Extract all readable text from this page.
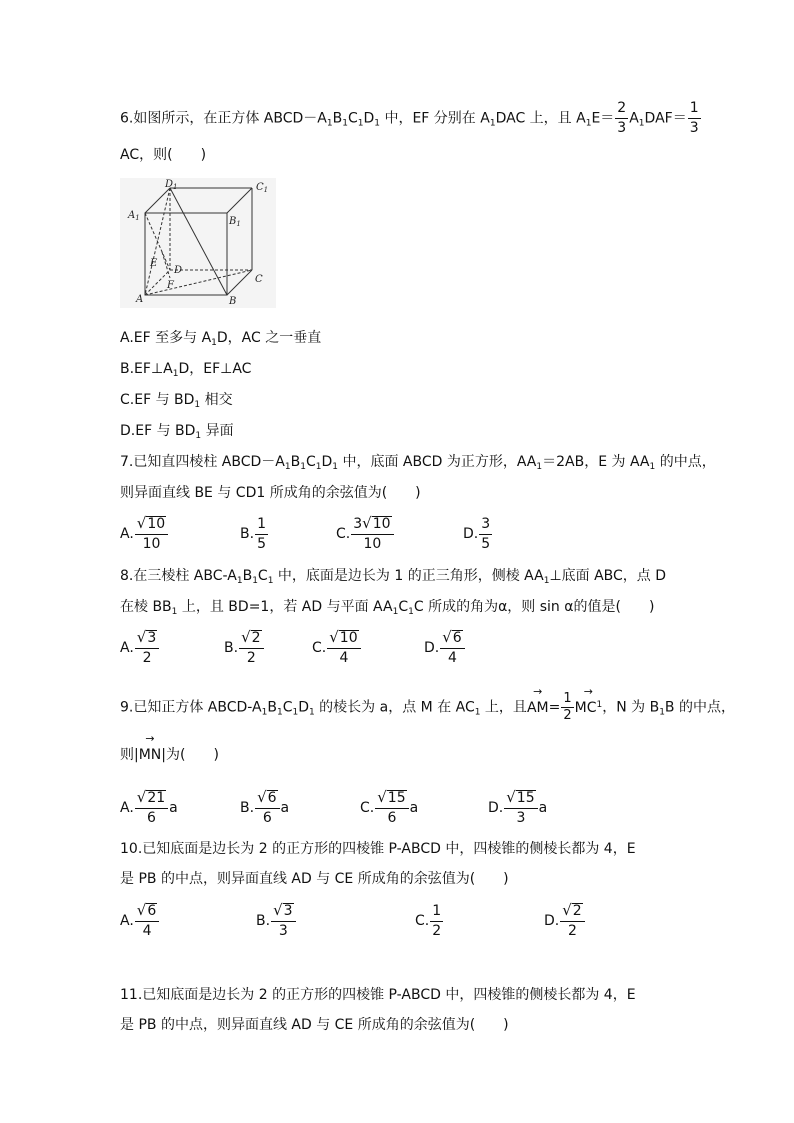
6.如图所示，在正方体 $ABCD-A_1B_1C_1D_1$ 中，EF 分别在 $A_1DAC$ 上，且 $A_1E= \frac{2}{3} A_1DAF= \frac{1}{3}$
AC，则(　　)
$D_1$	$C_1$
$A_1$	$B_1$
E
D
C
F
A	B
A.EF 至多与 $A_1D$，AC 之一垂直
$B.EF\perp A_1D$，EF⊥AC
C.EF 与 $BD_1$ 相交
D.EF 与 $BD_1$ 异面
7.已知直四棱柱 $ABCD-A_1B_1C_1D_1$ 中，底面 ABCD 为正方形，$AA_1=2AB$，E 为 $AA_1$ 的中点，
则异面直线 BE 与 CD1 所成角的余弦值为(　　)
A. $\frac{√ 10}{10}$	B. $\frac{1}{5}$	C. $\frac{3 √ 10}{10}$	D. $\frac{3}{5}$
8.在三棱柱 ABC-$A_1B_1C_1$ 中，底面是边长为 1 的正三角形，侧棱 $AA_1\perp$底面 ABC，点 D
在棱 $BB_1$ 上，且 BD=1，若 AD 与平面 $AA_1C_1C$ 所成的角为α，则 sin α的值是(　　)
A. $\frac{√ 3}{2}$	B. $\frac{√ 2}{2}$	C. $\frac{√ 10}{4}$	D. $\frac{√ 6}{4}$
9.已知正方体 ABCD-$A_1B_1C_1D_1$ 的棱长为 a，点 M 在 $AC_1$ 上，且→ $AM= \frac{1}{2}$
→ $MC^1$，N 为 $B_1B$ 的中点，
则|→ MN|为(　　)
A. $\frac{√ 21}{6}$ a	B. $\frac{√ 6}{6}$ a	C. $\frac{√ 15}{6}$ a	D. $\frac{√ 15}{3}$ a
10.已知底面是边长为 2 的正方形的四棱锥 P-ABCD 中，四棱锥的侧棱长都为 4，E
是 PB 的中点，则异面直线 AD 与 CE 所成角的余弦值为(　　)
A. $\frac{√ 6}{4}$	B. $\frac{√ 3}{3}$	C. $\frac{1}{2}$	D. $\frac{√ 2}{2}$
11.已知底面是边长为 2 的正方形的四棱锥 P-ABCD 中，四棱锥的侧棱长都为 4，E
是 PB 的中点，则异面直线 AD 与 CE 所成角的余弦值为(　　)
